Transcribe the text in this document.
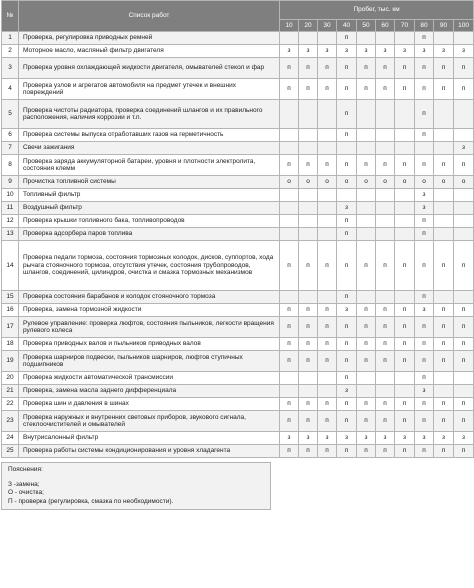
№	Список работ	Пробег, тыс. км									
		10	20	30	40	50	60	70	80	90	100
1	Проверка, регулировка приводных ремней				п				п		
2	Моторное масло, масляный фильтр двигателя	з	з	з	з	з	з	з	з	з	з
3	Проверка уровня охлаждающей жидкости двигателя, омывателей стекол и фар	п	п	п	п	п	п	п	п	п	п
4	Проверка узлов и агрегатов автомобиля на предмет утечек и внешних повреждений	п	п	п	п	п	п	п	п	п	п
5	Проверка чистоты радиатора, проверка соединений шлангов и их правильного расположения, наличия коррозии и т.п.				п				п		
6	Проверка системы выпуска отработавших газов на герметичность				п				п		
7	Свечи зажигания										з
8	Проверка заряда аккумуляторной батареи, уровня и плотности электролита, состояния клемм	п	п	п	п	п	п	п	п	п	п
9	Прочистка топливной системы	о	о	о	о	о	о	о	о	о	о
10	Топливный фильтр								з		
11	Воздушный фильтр				з				з		
12	Проверка крышки топливного бака, топливопроводов				п				п		
13	Проверка адсорбера паров топлива				п				п		
14	Проверка педали тормоза, состояния тормозных колодок, дисков, суппортов, хода рычага стояночного тормоза, отсутствия утечек, состояния трубопроводов, шлангов, соединений, цилиндров, очистка и смазка тормозных механизмов	п	п	п	п	п	п	п	п	п	п
15	Проверка состояния барабанов и колодок стояночного тормоза				п				п		
16	Проверка, замена тормозной жидкости	п	п	п	з	п	п	п	з	п	п
17	Рулевое управление: проверка люфтов, состояния пыльников, легкости вращения рулевого колеса	п	п	п	п	п	п	п	п	п	п
18	Проверка приводных валов и пыльников приводных валов	п	п	п	п	п	п	п	п	п	п
19	Проверка шарниров подвески, пыльников шарниров, люфтов ступичных подшипников	п	п	п	п	п	п	п	п	п	п
20	Проверка жидкости автоматической трансмиссии				п				п		
21	Проверка, замена масла заднего дифференциала				з				з		
22	Проверка шин и давления в шинах	п	п	п	п	п	п	п	п	п	п
23	Проверка наружных и внутренних световых приборов, звукового сигнала, стеклоочистителей и омывателей	п	п	п	п	п	п	п	п	п	п
24	Внутрисалонный фильтр	з	з	з	з	з	з	з	з	з	з
25	Проверка работы системы кондиционирования и уровня хладагента	п	п	п	п	п	п	п	п	п	п
Пояснения:
З -замена;
О - очистка;
П - проверка (регулировка, смазка по необходимости).
